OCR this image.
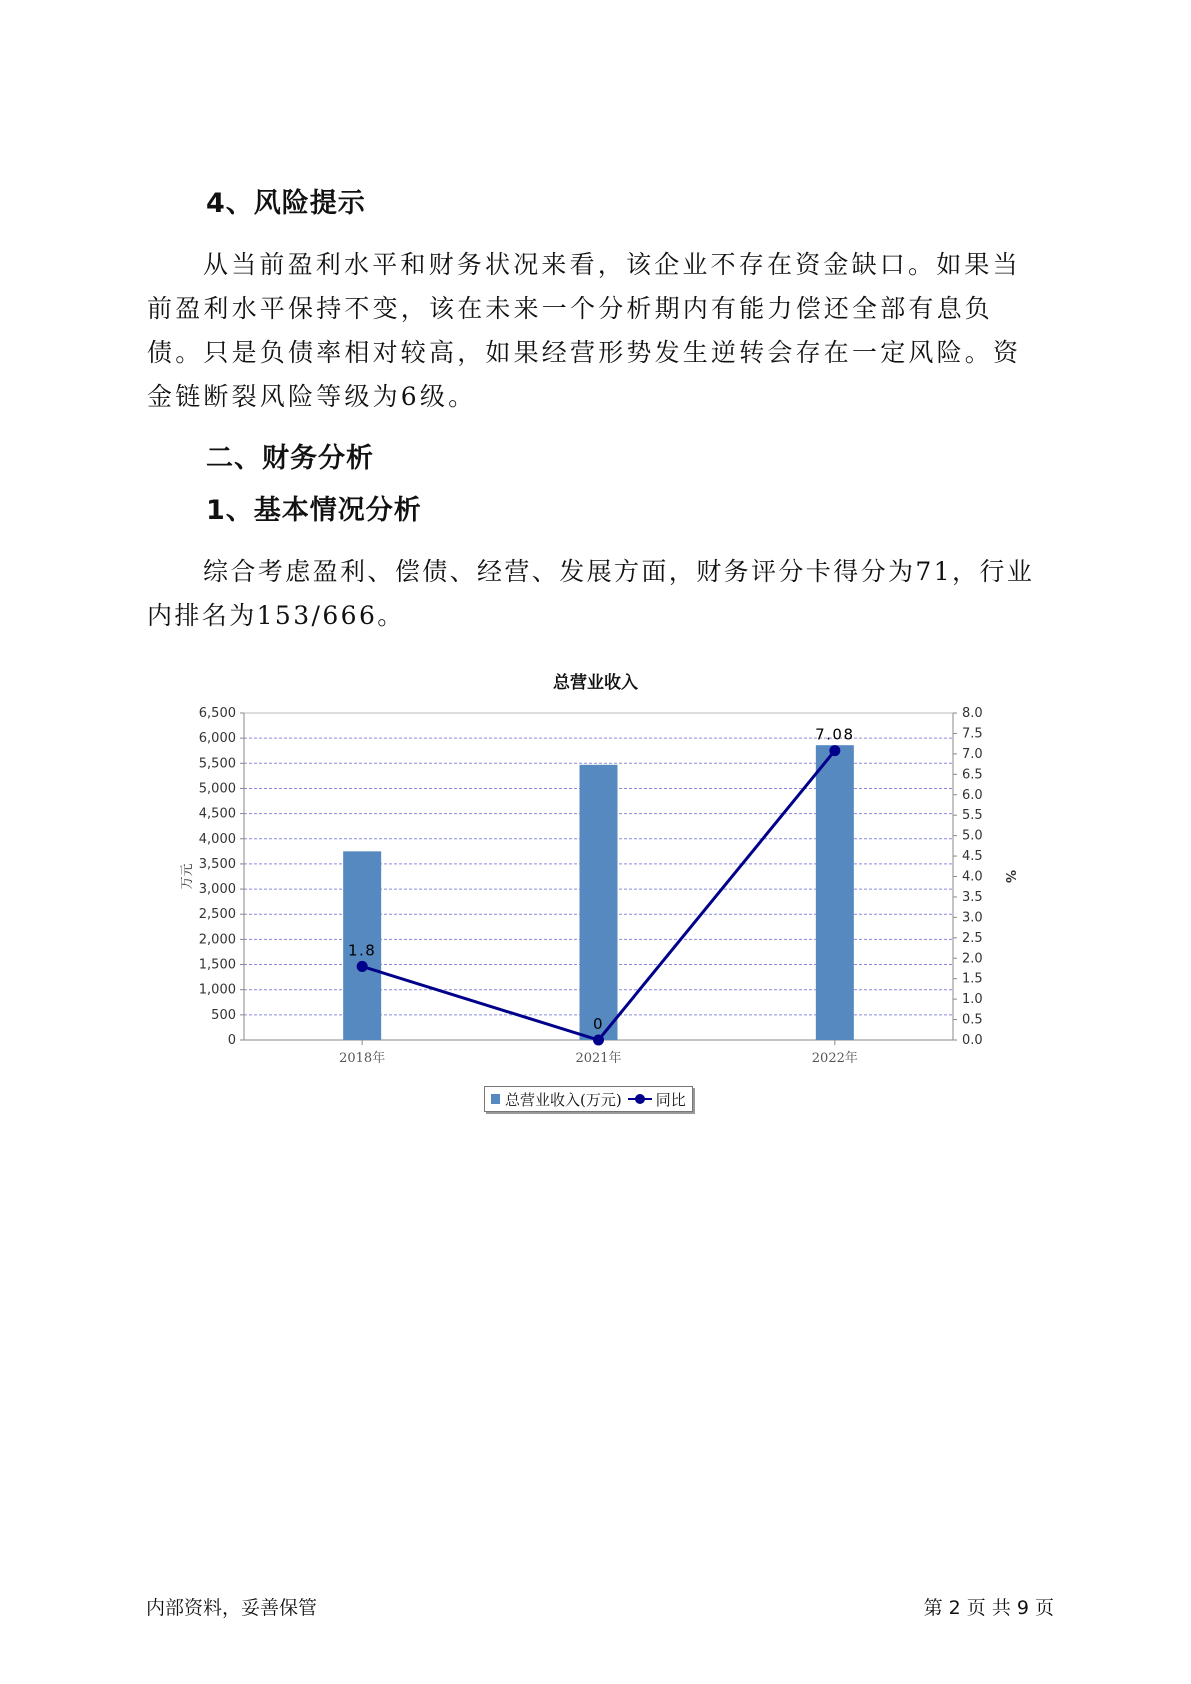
4、风险提示

从当前盈利水平和财务状况来看，该企业不存在资金缺口。如果当前盈利水平保持不变，该在未来一个分析期内有能力偿还全部有息负债。只是负债率相对较高，如果经营形势发生逆转会存在一定风险。资金链断裂风险等级为6级。

二、财务分析
1、基本情况分析

综合考虑盈利、偿债、经营、发展方面，财务评分卡得分为71，行业内排名为153/666。

总营业收入
0
500
1,000
1,500
2,000
2,500
3,000
3,500
4,000
4,500
5,000
5,500
6,000
6,500
0.0
0.5
1.0
1.5
2.0
2.5
3.0
3.5
4.0
4.5
5.0
5.5
6.0
6.5
7.0
7.5
8.0
万元	%
2018年	2021年	2022年
1.8
0
7.08
总营业收入(万元) 同比
内部资料，妥善保管	第 2 页 共 9 页
